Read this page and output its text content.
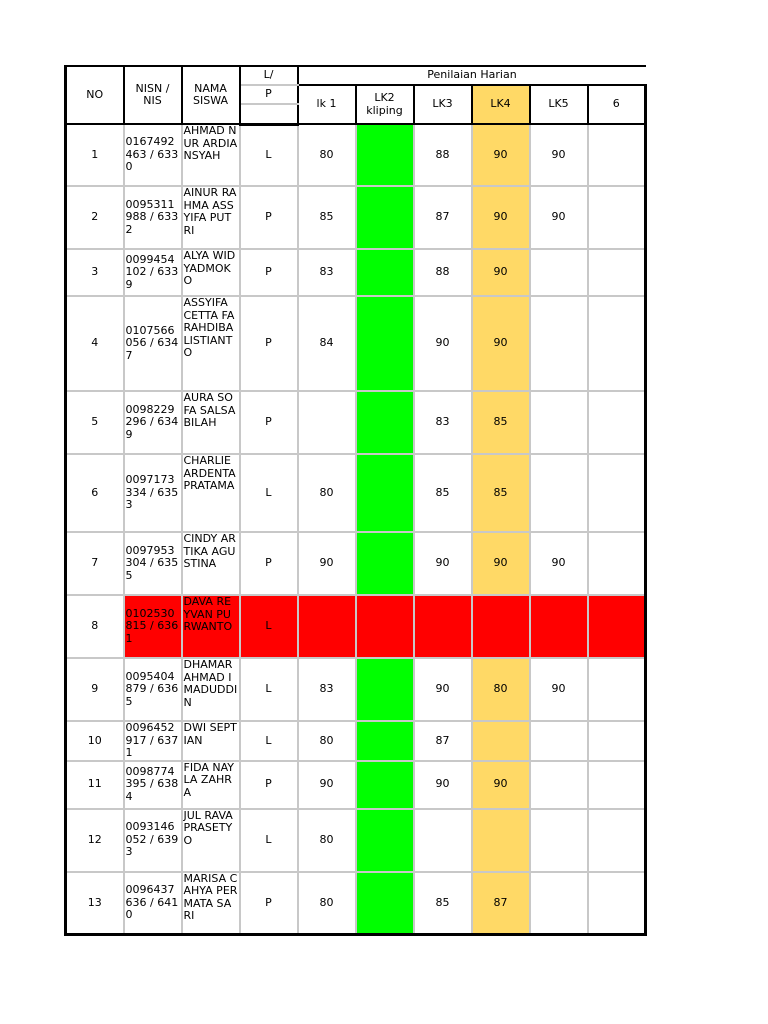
NO	NISN / NIS	NAMA SISWA	L/	Penilaian Harian					
			P	lk 1	LK2 kliping	LK3	LK4	LK5	6

1	0167492463 / 6330	AHMAD NUR ARDIANSYAH	L	80		88	90	90	
2	0095311988 / 6332	AINUR RAHMA ASSYIFA PUTRI	P	85		87	90	90	
3	0099454102 / 6339	ALYA WIDYADMOKO	P	83		88	90		
4	0107566056 / 6347	ASSYIFA CETTA FARAHDIBA LISTIANTO	P	84		90	90		
5	0098229296 / 6349	AURA SOFA SALSABILAH	P			83	85		
6	0097173334 / 6353	CHARLIE ARDENTA PRATAMA	L	80		85	85		
7	0097953304 / 6355	CINDY ARTIKA AGUSTINA	P	90		90	90	90	
8	0102530815 / 6361	DAVA REYVAN PURWANTO	L						
9	0095404879 / 6365	DHAMAR AHMAD IMADUDDIN	L	83		90	80	90	
10	0096452917 / 6371	DWI SEPTIAN	L	80		87			
11	0098774395 / 6384	FIDA NAYLA ZAHRA	P	90		90	90		
12	0093146052 / 6393	JUL RAVA PRASETYO	L	80					
13	0096437636 / 6410	MARISA CAHYA PERMATA SARI	P	80		85	87		
